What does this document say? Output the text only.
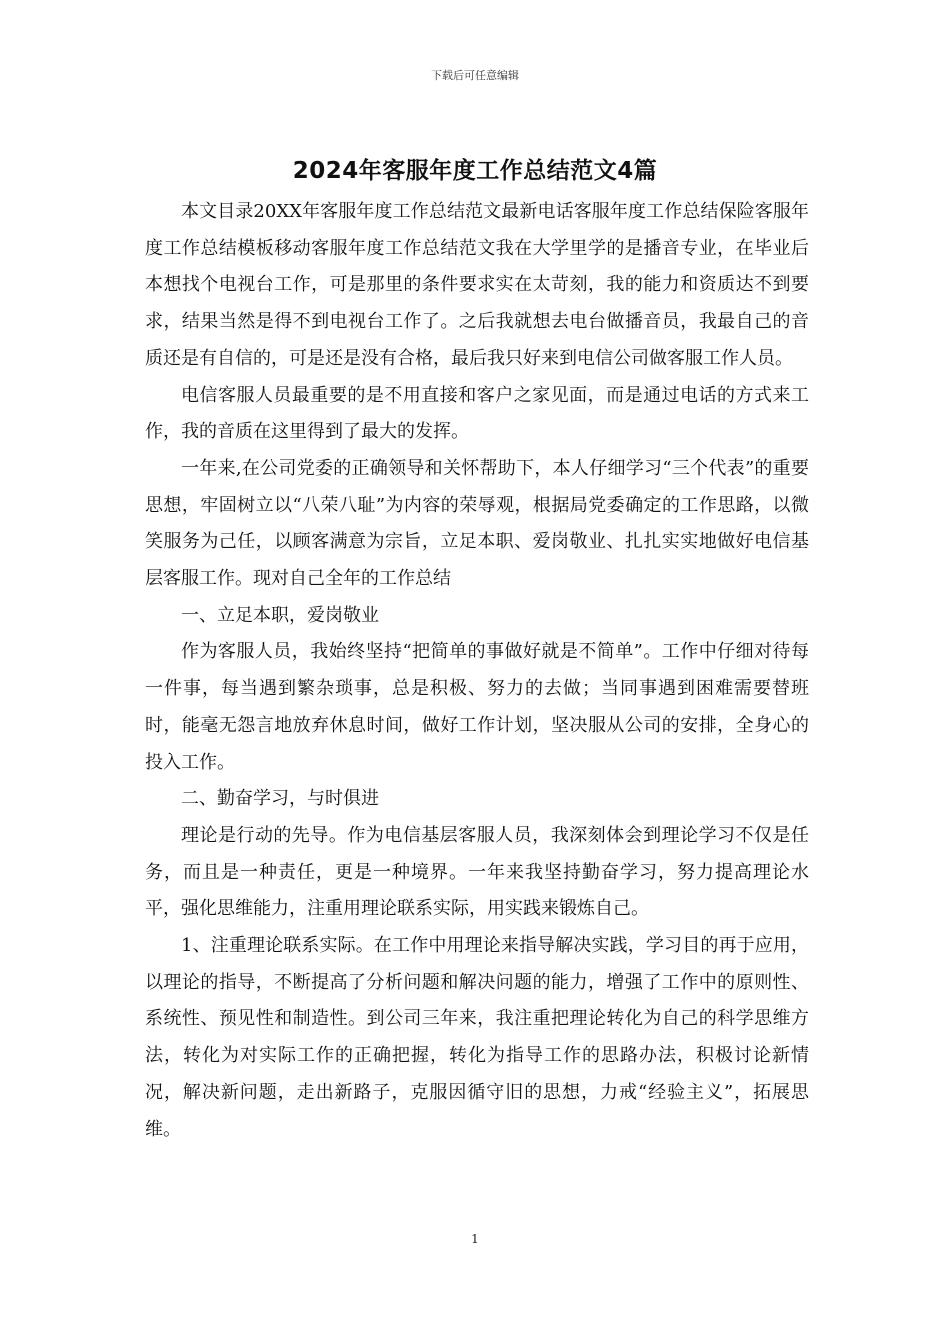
下载后可任意编辑
2024年客服年度工作总结范文4篇

本文目录20XX年客服年度工作总结范文最新电话客服年度工作总结保险客服年度工作总结模板移动客服年度工作总结范文我在大学里学的是播音专业，在毕业后本想找个电视台工作，可是那里的条件要求实在太苛刻，我的能力和资质达不到要求，结果当然是得不到电视台工作了。之后我就想去电台做播音员，我最自己的音质还是有自信的，可是还是没有合格，最后我只好来到电信公司做客服工作人员。

电信客服人员最重要的是不用直接和客户之家见面，而是通过电话的方式来工作，我的音质在这里得到了最大的发挥。

一年来,在公司党委的正确领导和关怀帮助下，本人仔细学习“三个代表”的重要思想，牢固树立以“八荣八耻”为内容的荣辱观，根据局党委确定的工作思路，以微笑服务为己任，以顾客满意为宗旨，立足本职、爱岗敬业、扎扎实实地做好电信基层客服工作。现对自己全年的工作总结

一、立足本职，爱岗敬业

作为客服人员，我始终坚持“把简单的事做好就是不简单”。工作中仔细对待每一件事，每当遇到繁杂琐事，总是积极、努力的去做；当同事遇到困难需要替班时，能毫无怨言地放弃休息时间，做好工作计划，坚决服从公司的安排，全身心的投入工作。

二、勤奋学习，与时俱进

理论是行动的先导。作为电信基层客服人员，我深刻体会到理论学习不仅是任务，而且是一种责任，更是一种境界。一年来我坚持勤奋学习，努力提高理论水平，强化思维能力，注重用理论联系实际，用实践来锻炼自己。

1、注重理论联系实际。在工作中用理论来指导解决实践，学习目的再于应用，以理论的指导，不断提高了分析问题和解决问题的能力，增强了工作中的原则性、系统性、预见性和制造性。到公司三年来，我注重把理论转化为自己的科学思维方法，转化为对实际工作的正确把握，转化为指导工作的思路办法，积极讨论新情况，解决新问题，走出新路子，克服因循守旧的思想，力戒“经验主义”，拓展思维。

1
